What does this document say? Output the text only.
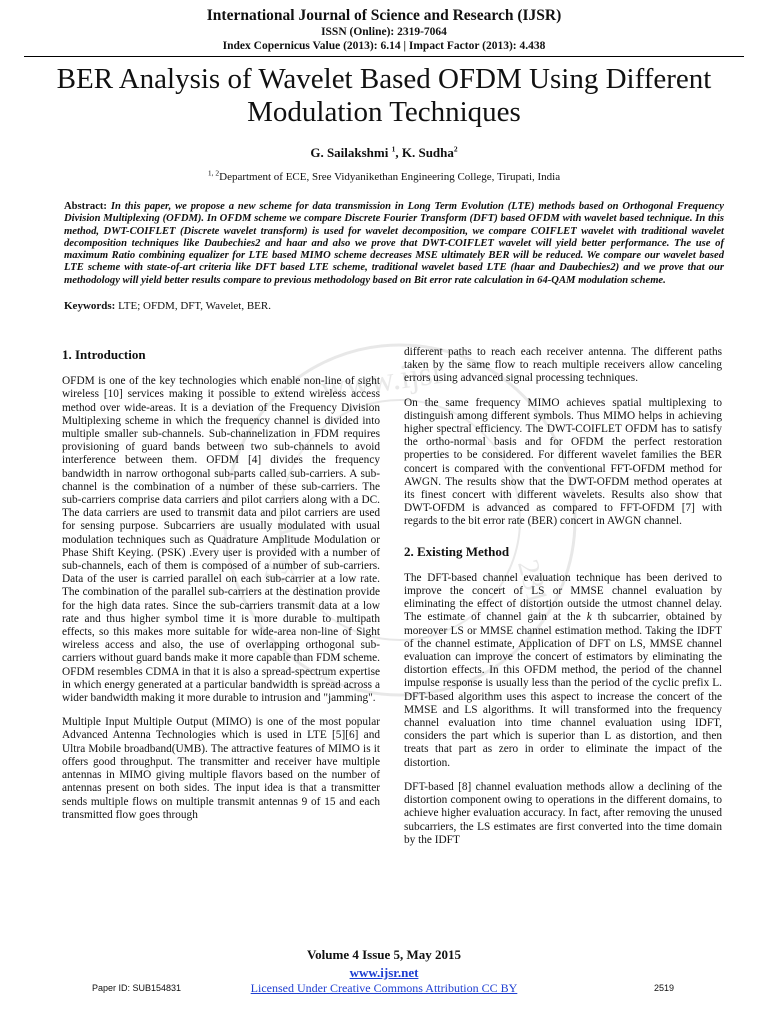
www.ijsr
ISSN
2319
International Journal of Science and Research (IJSR)
ISSN (Online): 2319-7064
Index Copernicus Value (2013): 6.14 | Impact Factor (2013): 4.438
BER Analysis of Wavelet Based OFDM Using Different Modulation Techniques
G. Sailakshmi $^1$, K. Sudha$^2$
$^{1, 2}$Department of ECE, Sree Vidyanikethan Engineering College, Tirupati, India
Abstract: In this paper, we propose a new scheme for data transmission in Long Term Evolution (LTE) methods based on Orthogonal Frequency Division Multiplexing (OFDM). In OFDM scheme we compare Discrete Fourier Transform (DFT) based OFDM with wavelet based technique. In this method, DWT-COIFLET (Discrete wavelet transform) is used for wavelet decomposition, we compare COIFLET wavelet with traditional wavelet decomposition techniques like Daubechies2 and haar and also we prove that DWT-COIFLET wavelet will yield better performance. The use of maximum Ratio combining equalizer for LTE based MIMO scheme decreases MSE ultimately BER will be reduced. We compare our wavelet based LTE scheme with state-of-art criteria like DFT based LTE scheme, traditional wavelet based LTE (haar and Daubechies2) and we prove that our methodology will yield better results compare to previous methodology based on Bit error rate calculation in 64-QAM modulation scheme.
Keywords: LTE; OFDM, DFT, Wavelet, BER.
1. Introduction

OFDM is one of the key technologies which enable non-line of sight wireless [10] services making it possible to extend wireless access method over wide-areas. It is a deviation of the Frequency Division Multiplexing scheme in which the frequency channel is divided into multiple smaller sub-channels. Sub-channelization in FDM requires provisioning of guard bands between two sub-channels to avoid interference between them. OFDM [4] divides the frequency bandwidth in narrow orthogonal sub-parts called sub-carriers. A sub-channel is the combination of a number of these sub-carriers. The sub-carriers comprise data carriers and pilot carriers along with a DC. The data carriers are used to transmit data and pilot carriers are used for sensing purpose. Subcarriers are usually modulated with usual modulation techniques such as Quadrature Amplitude Modulation or Phase Shift Keying. (PSK) .Every user is provided with a number of sub-channels, each of them is composed of a number of sub-carriers. Data of the user is carried parallel on each sub-carrier at a low rate. The combination of the parallel sub-carriers at the destination provide for the high data rates. Since the sub-carriers transmit data at a low rate and thus higher symbol time it is more durable to multipath effects, so this makes more suitable for wide-area non-line of Sight wireless access and also, the use of overlapping orthogonal sub-carriers without guard bands make it more capable than FDM scheme. OFDM resembles CDMA in that it is also a spread-spectrum expertise in which energy generated at a particular bandwidth is spread across a wider bandwidth making it more durable to intrusion and "jamming".

Multiple Input Multiple Output (MIMO) is one of the most popular Advanced Antenna Technologies which is used in LTE [5][6] and Ultra Mobile broadband(UMB). The attractive features of MIMO is it offers good throughput. The transmitter and receiver have multiple antennas in MIMO giving multiple flavors based on the number of antennas present on both sides. The input idea is that a transmitter sends multiple flows on multiple transmit antennas 9 of 15 and each transmitted flow goes through

different paths to reach each receiver antenna. The different paths taken by the same flow to reach multiple receivers allow canceling errors using advanced signal processing techniques.

On the same frequency MIMO achieves spatial multiplexing to distinguish among different symbols. Thus MIMO helps in achieving higher spectral efficiency. The DWT-COIFLET OFDM has to satisfy the ortho-normal basis and for OFDM the perfect restoration properties to be considered. For different wavelet families the BER concert is compared with the conventional FFT-OFDM method for AWGN. The results show that the DWT-OFDM method operates at its finest concert with different wavelets. Results also show that DWT-OFDM is advanced as compared to FFT-OFDM [7] with regards to the bit error rate (BER) concert in AWGN channel.

2. Existing Method

The DFT-based channel evaluation technique has been derived to improve the concert of LS or MMSE channel evaluation by eliminating the effect of distortion outside the utmost channel delay. The estimate of channel gain at the k th subcarrier, obtained by moreover LS or MMSE channel estimation method. Taking the IDFT of the channel estimate, Application of DFT on LS, MMSE channel evaluation can improve the concert of estimators by eliminating the distortion effects. In this OFDM method, the period of the channel impulse response is usually less than the period of the cyclic prefix L. DFT-based algorithm uses this aspect to increase the concert of the MMSE and LS algorithms. It will transformed into the frequency channel evaluation into time channel evaluation using IDFT, considers the part which is superior than L as distortion, and then treats that part as zero in order to eliminate the impact of the distortion.

DFT-based [8] channel evaluation methods allow a declining of the distortion component owing to operations in the different domains, to achieve higher evaluation accuracy. In fact, after removing the unused subcarriers, the LS estimates are first converted into the time domain by the IDFT

Volume 4 Issue 5, May 2015
www.ijsr.net
Paper ID: SUB154831	Licensed Under Creative Commons Attribution CC BY	2519
